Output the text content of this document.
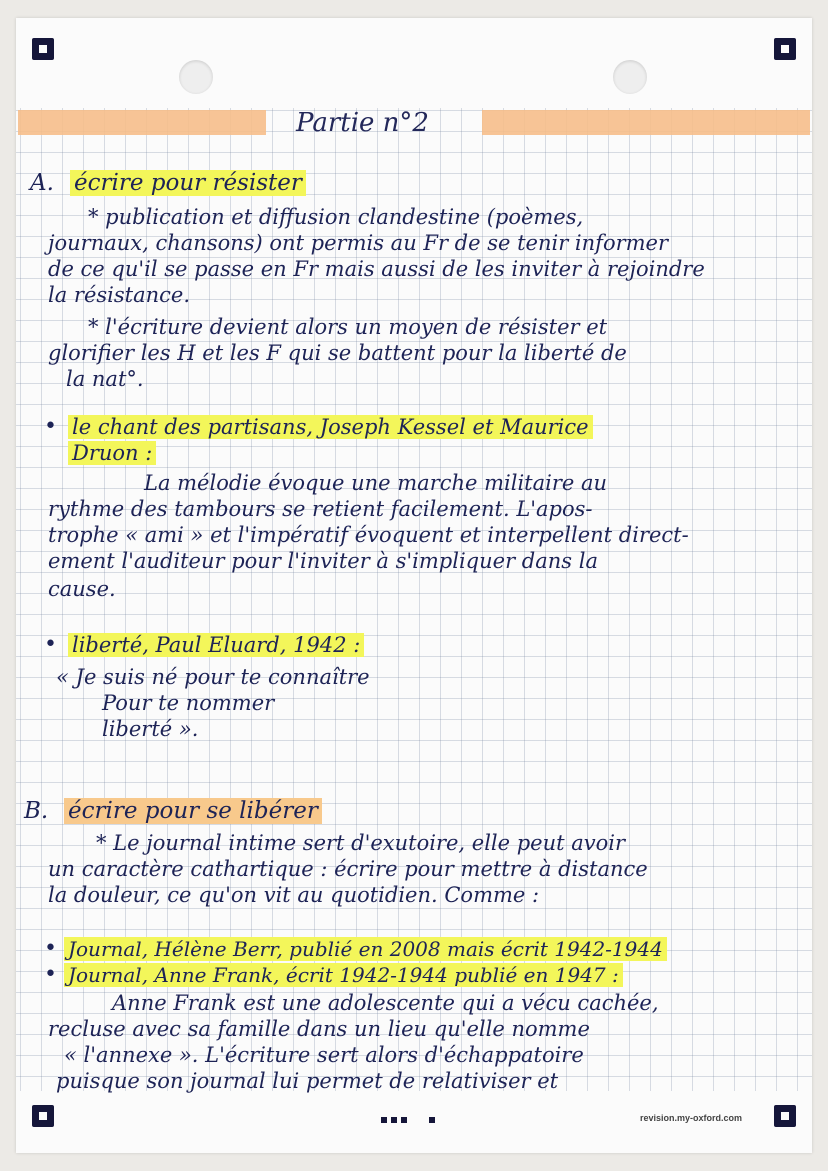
Partie n°2
A. écrire pour résister
* publication et diffusion clandestine (poèmes,
journaux, chansons) ont permis au Fr de se tenir informer
de ce qu'il se passe en Fr mais aussi de les inviter à rejoindre
la résistance.
* l'écriture devient alors un moyen de résister et
glorifier les H et les F qui se battent pour la liberté de
la nat°.
• le chant des partisans, Joseph Kessel et Maurice
Druon :
La mélodie évoque une marche militaire au
rythme des tambours se retient facilement. L'apos-
trophe « ami » et l'impératif évoquent et interpellent direct-
ement l'auditeur pour l'inviter à s'impliquer dans la
cause.
• liberté, Paul Eluard, 1942 :
« Je suis né pour te connaître
Pour te nommer
liberté ».
B. écrire pour se libérer
* Le journal intime sert d'exutoire, elle peut avoir
un caractère cathartique : écrire pour mettre à distance
la douleur, ce qu'on vit au quotidien. Comme :
• Journal, Hélène Berr, publié en 2008 mais écrit 1942-1944
• Journal, Anne Frank, écrit 1942-1944 publié en 1947 :
Anne Frank est une adolescente qui a vécu cachée,
recluse avec sa famille dans un lieu qu'elle nomme
« l'annexe ». L'écriture sert alors d'échappatoire
puisque son journal lui permet de relativiser et
revision.my-oxford.com
